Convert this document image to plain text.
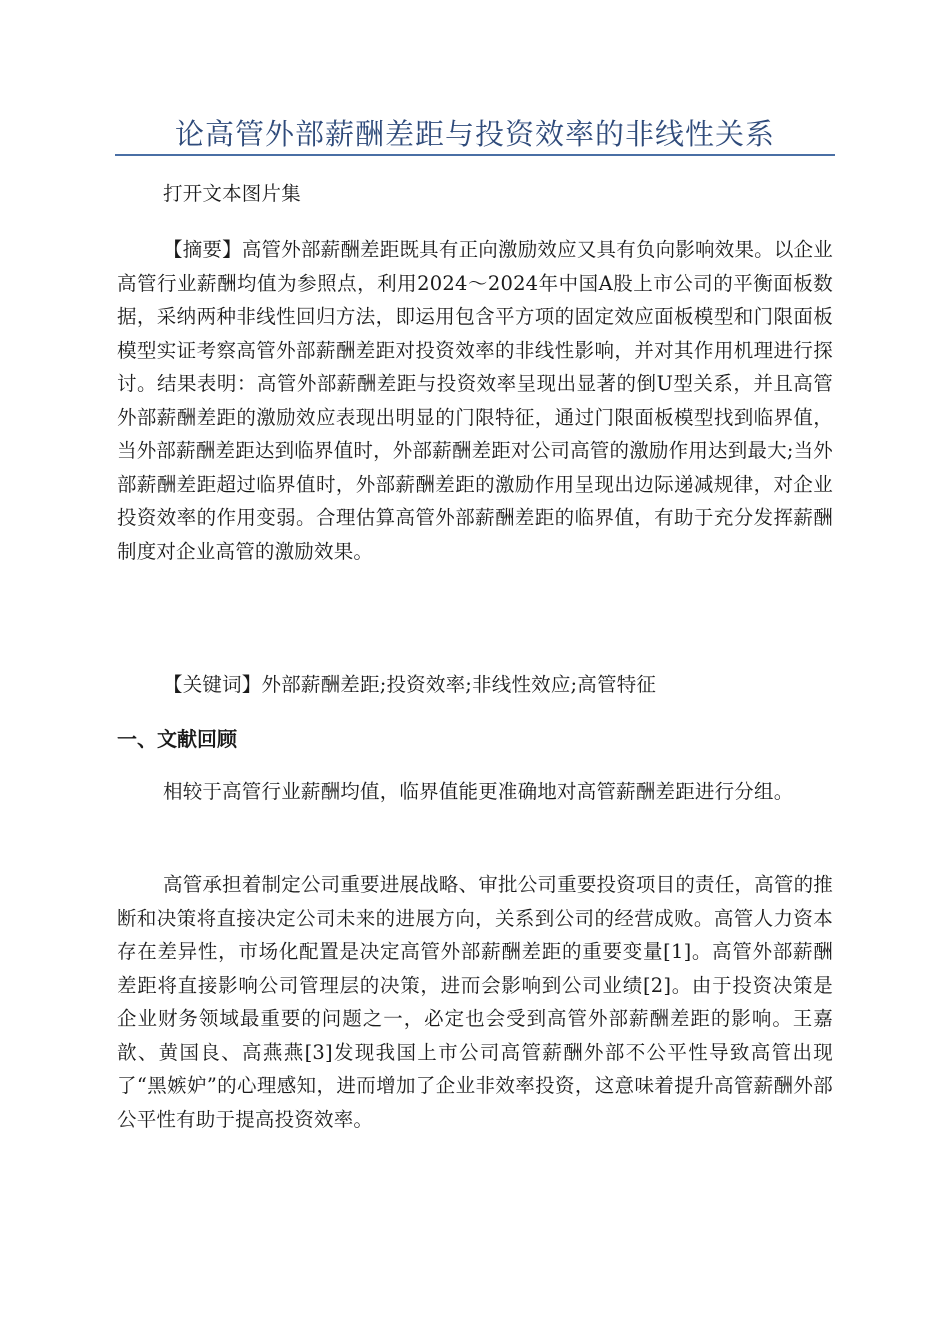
论高管外部薪酬差距与投资效率的非线性关系
打开文本图片集
【摘要】高管外部薪酬差距既具有正向激励效应又具有负向影响效果。以企业高管行业薪酬均值为参照点，利用2024～2024年中国A股上市公司的平衡面板数据，采纳两种非线性回归方法，即运用包含平方项的固定效应面板模型和门限面板模型实证考察高管外部薪酬差距对投资效率的非线性影响，并对其作用机理进行探讨。结果表明：高管外部薪酬差距与投资效率呈现出显著的倒U型关系，并且高管外部薪酬差距的激励效应表现出明显的门限特征，通过门限面板模型找到临界值，当外部薪酬差距达到临界值时，外部薪酬差距对公司高管的激励作用达到最大;当外部薪酬差距超过临界值时，外部薪酬差距的激励作用呈现出边际递减规律，对企业投资效率的作用变弱。合理估算高管外部薪酬差距的临界值，有助于充分发挥薪酬制度对企业高管的激励效果。
【关键词】外部薪酬差距;投资效率;非线性效应;高管特征
一、文献回顾
相较于高管行业薪酬均值，临界值能更准确地对高管薪酬差距进行分组。
高管承担着制定公司重要进展战略、审批公司重要投资项目的责任，高管的推断和决策将直接决定公司未来的进展方向，关系到公司的经营成败。高管人力资本存在差异性，市场化配置是决定高管外部薪酬差距的重要变量[1]。高管外部薪酬差距将直接影响公司管理层的决策，进而会影响到公司业绩[2]。由于投资决策是企业财务领域最重要的问题之一，必定也会受到高管外部薪酬差距的影响。王嘉歆、黄国良、高燕燕[3]发现我国上市公司高管薪酬外部不公平性导致高管出现了“黑嫉妒”的心理感知，进而增加了企业非效率投资，这意味着提升高管薪酬外部公平性有助于提高投资效率。
